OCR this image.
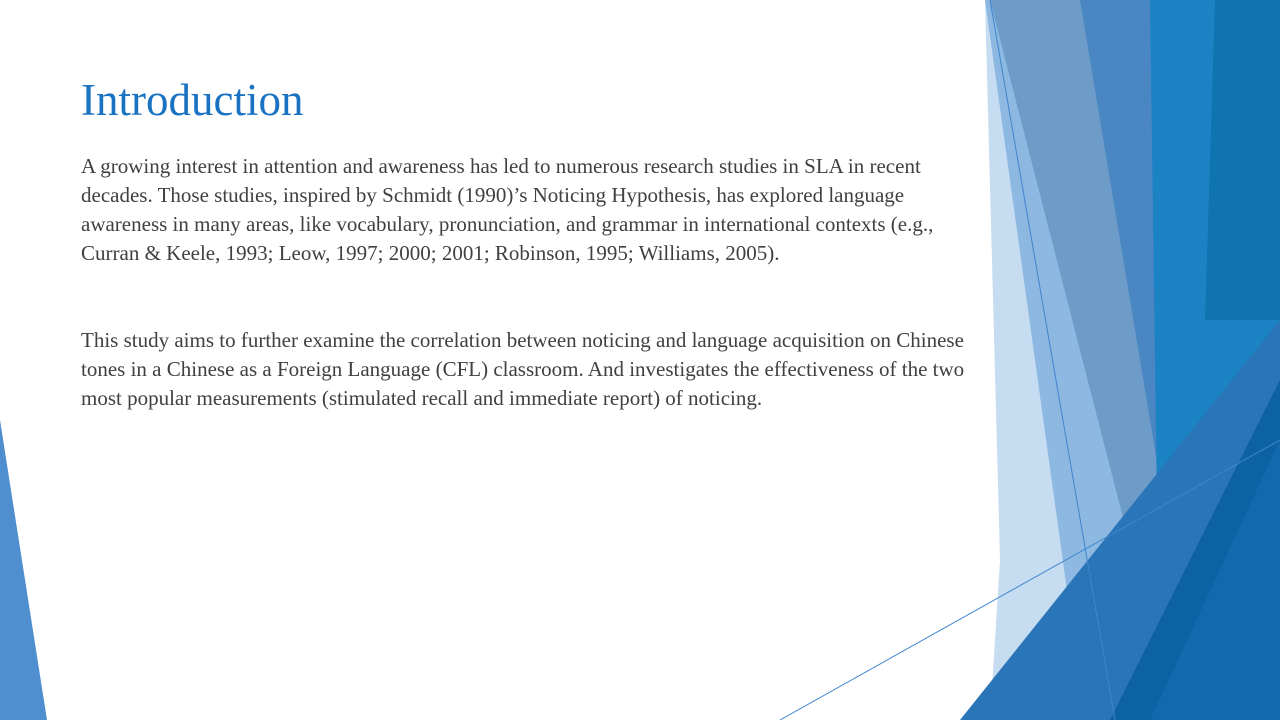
Introduction

A growing interest in attention and awareness has led to numerous research studies in SLA in recent decades. Those studies, inspired by Schmidt (1990)’s Noticing Hypothesis, has explored language awareness in many areas, like vocabulary, pronunciation, and grammar in international contexts (e.g., Curran & Keele, 1993; Leow, 1997; 2000; 2001; Robinson, 1995; Williams, 2005).

This study aims to further examine the correlation between noticing and language acquisition on Chinese tones in a Chinese as a Foreign Language (CFL) classroom. And investigates the effectiveness of the two most popular measurements (stimulated recall and immediate report) of noticing.
